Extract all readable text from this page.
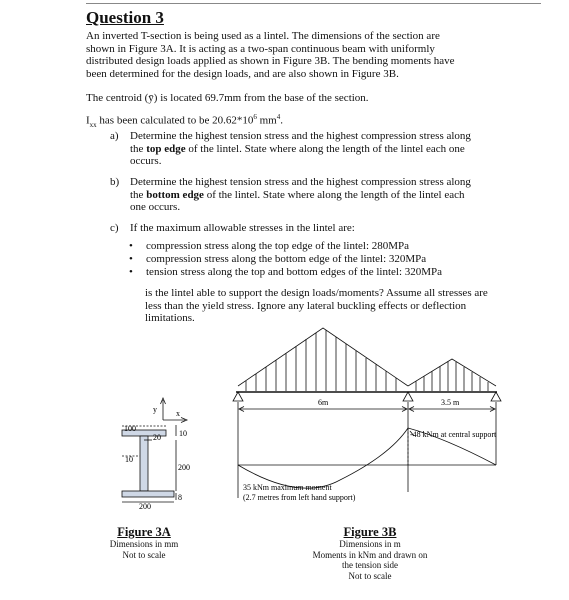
Question 3
An inverted T-section is being used as a lintel. The dimensions of the section are
shown in Figure 3A. It is acting as a two-span continuous beam with uniformly
distributed design loads applied as shown in Figure 3B. The bending moments have
been determined for the design loads, and are also shown in Figure 3B.
The centroid (ȳ) is located 69.7mm from the base of the section.
$I_{xx}$ has been calculated to be $20.62*10^6$ $mm^4$.
a) Determine the highest tension stress and the highest compression stress along the top edge of the lintel. State where along the length of the lintel each one occurs.
b) Determine the highest tension stress and the highest compression stress along the bottom edge of the lintel. State where along the length of the lintel each one occurs.
c) If the maximum allowable stresses in the lintel are:
• compression stress along the top edge of the lintel: 280MPa
• compression stress along the bottom edge of the lintel: 320MPa
• tension stress along the top and bottom edges of the lintel: 320MPa
is the lintel able to support the design loads/moments? Assume all stresses are less than the yield stress. Ignore any lateral buckling effects or deflection limitations.
y x
100
20 10
10
200
200
8
Figure 3A
Dimensions in mm
Not to scale
6m	3.5 m
-48 kNm at central support
35 kNm maximum moment
(2.7 metres from left hand support)
Figure 3B
Dimensions in m
Moments in kNm and drawn on
the tension side
Not to scale
